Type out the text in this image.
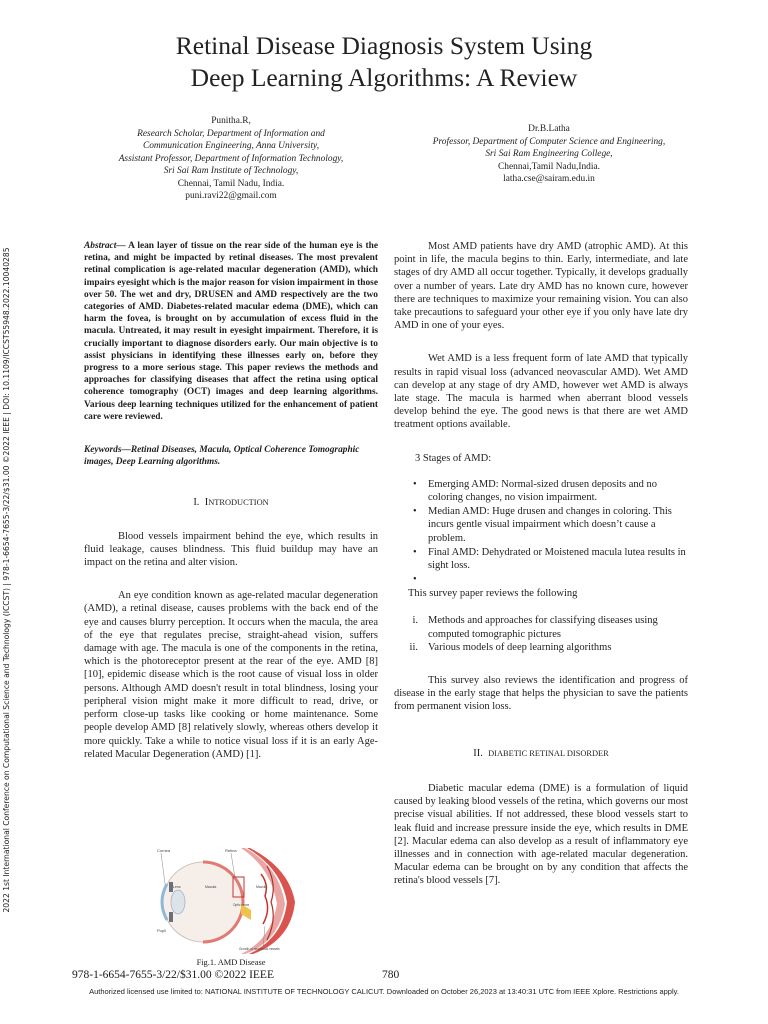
Retinal Disease Diagnosis System Using
Deep Learning Algorithms: A Review
2022 1st International Conference on Computational Science and Technology (ICCST) | 978-1-6654-7655-3/22/$31.00 ©2022 IEEE | DOI: 10.1109/ICCST55948.2022.10040285
Punitha.R,
Research Scholar, Department of Information and
Communication Engineering, Anna University,
Assistant Professor, Department of Information Technology,
Sri Sai Ram Institute of Technology,
Chennai, Tamil Nadu, India.
puni.ravi22@gmail.com
Dr.B.Latha
Professor, Department of Computer Science and Engineering,
Sri Sai Ram Engineering College,
Chennai,Tamil Nadu,India.
latha.cse@sairam.edu.in

Abstract— A lean layer of tissue on the rear side of the human eye is the retina, and might be impacted by retinal diseases. The most prevalent retinal complication is age-related macular degeneration (AMD), which impairs eyesight which is the major reason for vision impairment in those over 50. The wet and dry, DRUSEN and AMD respectively are the two categories of AMD. Diabetes-related macular edema (DME), which can harm the fovea, is brought on by accumulation of excess fluid in the macula. Untreated, it may result in eyesight impairment. Therefore, it is crucially important to diagnose disorders early. Our main objective is to assist physicians in identifying these illnesses early on, before they progress to a more serious stage. This paper reviews the methods and approaches for classifying diseases that affect the retina using optical coherence tomography (OCT) images and deep learning algorithms. Various deep learning techniques utilized for the enhancement of patient care were reviewed.

Keywords—Retinal Diseases, Macula, Optical Coherence Tomographic images, Deep Learning algorithms.

I. INTRODUCTION

Blood vessels impairment behind the eye, which results in fluid leakage, causes blindness. This fluid buildup may have an impact on the retina and alter vision.

An eye condition known as age-related macular degeneration (AMD), a retinal disease, causes problems with the back end of the eye and causes blurry perception. It occurs when the macula, the area of the eye that regulates precise, straight-ahead vision, suffers damage with age. The macula is one of the components in the retina, which is the photoreceptor present at the rear of the eye. AMD [8] [10], epidemic disease which is the root cause of visual loss in older persons. Although AMD doesn't result in total blindness, losing your peripheral vision might make it more difficult to read, drive, or perform close-up tasks like cooking or home maintenance. Some people develop AMD [8] relatively slowly, whereas others develop it more quickly. Take a while to notice visual loss if it is an early Age-related Macular Degeneration (AMD) [1].

Cornea	Retina
Lens	Macula
Optic nerve
Pupil
Macula
Growth of new blood vessels
Fig.1. AMD Disease

Most AMD patients have dry AMD (atrophic AMD). At this point in life, the macula begins to thin. Early, intermediate, and late stages of dry AMD all occur together. Typically, it develops gradually over a number of years. Late dry AMD has no known cure, however there are techniques to maximize your remaining vision. You can also take precautions to safeguard your other eye if you only have late dry AMD in one of your eyes.

Wet AMD is a less frequent form of late AMD that typically results in rapid visual loss (advanced neovascular AMD). Wet AMD can develop at any stage of dry AMD, however wet AMD is always late stage. The macula is harmed when aberrant blood vessels develop behind the eye. The good news is that there are wet AMD treatment options available.

3 Stages of AMD:

• Emerging AMD: Normal-sized drusen deposits and no coloring changes, no vision impairment.
• Median AMD: Huge drusen and changes in coloring. This incurs gentle visual impairment which doesn’t cause a problem.
• Final AMD: Dehydrated or Moistened macula lutea results in sight loss.
•

This survey paper reviews the following

i. Methods and approaches for classifying diseases using computed tomographic pictures
ii. Various models of deep learning algorithms

This survey also reviews the identification and progress of disease in the early stage that helps the physician to save the patients from permanent vision loss.

II. DIABETIC RETINAL DISORDER

Diabetic macular edema (DME) is a formulation of liquid caused by leaking blood vessels of the retina, which governs our most precise visual abilities. If not addressed, these blood vessels start to leak fluid and increase pressure inside the eye, which results in DME [2]. Macular edema can also develop as a result of inflammatory eye illnesses and in connection with age-related macular degeneration. Macular edema can be brought on by any condition that affects the retina's blood vessels [7].

978-1-6654-7655-3/22/$31.00 ©2022 IEEE	780
Authorized licensed use limited to: NATIONAL INSTITUTE OF TECHNOLOGY CALICUT. Downloaded on October 26,2023 at 13:40:31 UTC from IEEE Xplore. Restrictions apply.
